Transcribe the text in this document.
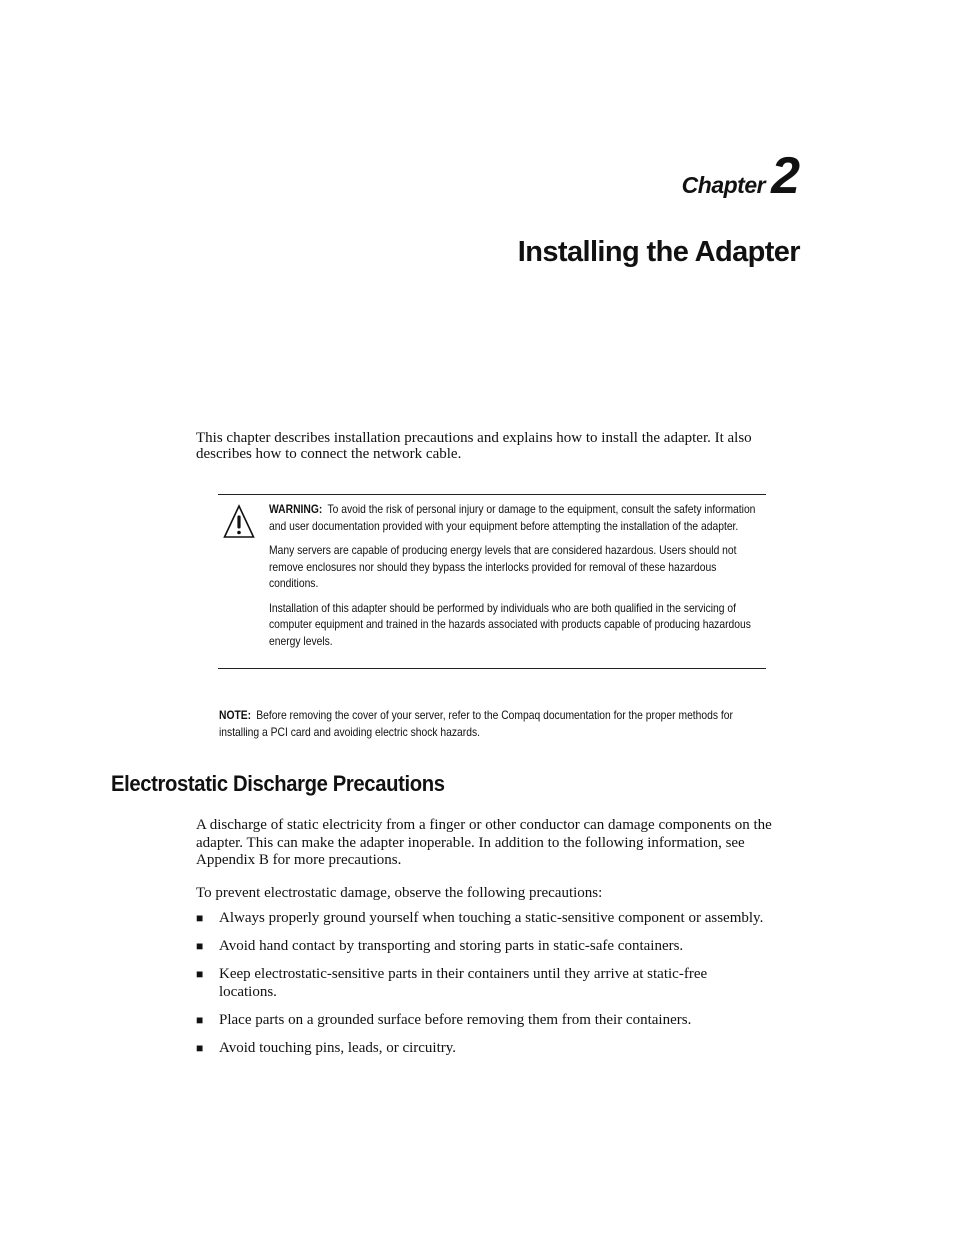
Chapter 2
Installing the Adapter

This chapter describes installation precautions and explains how to install the adapter. It also describes how to connect the network cable.

WARNING: To avoid the risk of personal injury or damage to the equipment, consult the safety information and user documentation provided with your equipment before attempting the installation of the adapter.

Many servers are capable of producing energy levels that are considered hazardous. Users should not remove enclosures nor should they bypass the interlocks provided for removal of these hazardous conditions.

Installation of this adapter should be performed by individuals who are both qualified in the servicing of computer equipment and trained in the hazards associated with products capable of producing hazardous energy levels.

NOTE: Before removing the cover of your server, refer to the Compaq documentation for the proper methods for installing a PCI card and avoiding electric shock hazards.

Electrostatic Discharge Precautions

A discharge of static electricity from a finger or other conductor can damage components on the adapter. This can make the adapter inoperable. In addition to the following information, see Appendix B for more precautions.

To prevent electrostatic damage, observe the following precautions:

■	Always properly ground yourself when touching a static-sensitive component or assembly.
■	Avoid hand contact by transporting and storing parts in static-safe containers.
■	Keep electrostatic-sensitive parts in their containers until they arrive at static-free locations.
■	Place parts on a grounded surface before removing them from their containers.
■	Avoid touching pins, leads, or circuitry.
